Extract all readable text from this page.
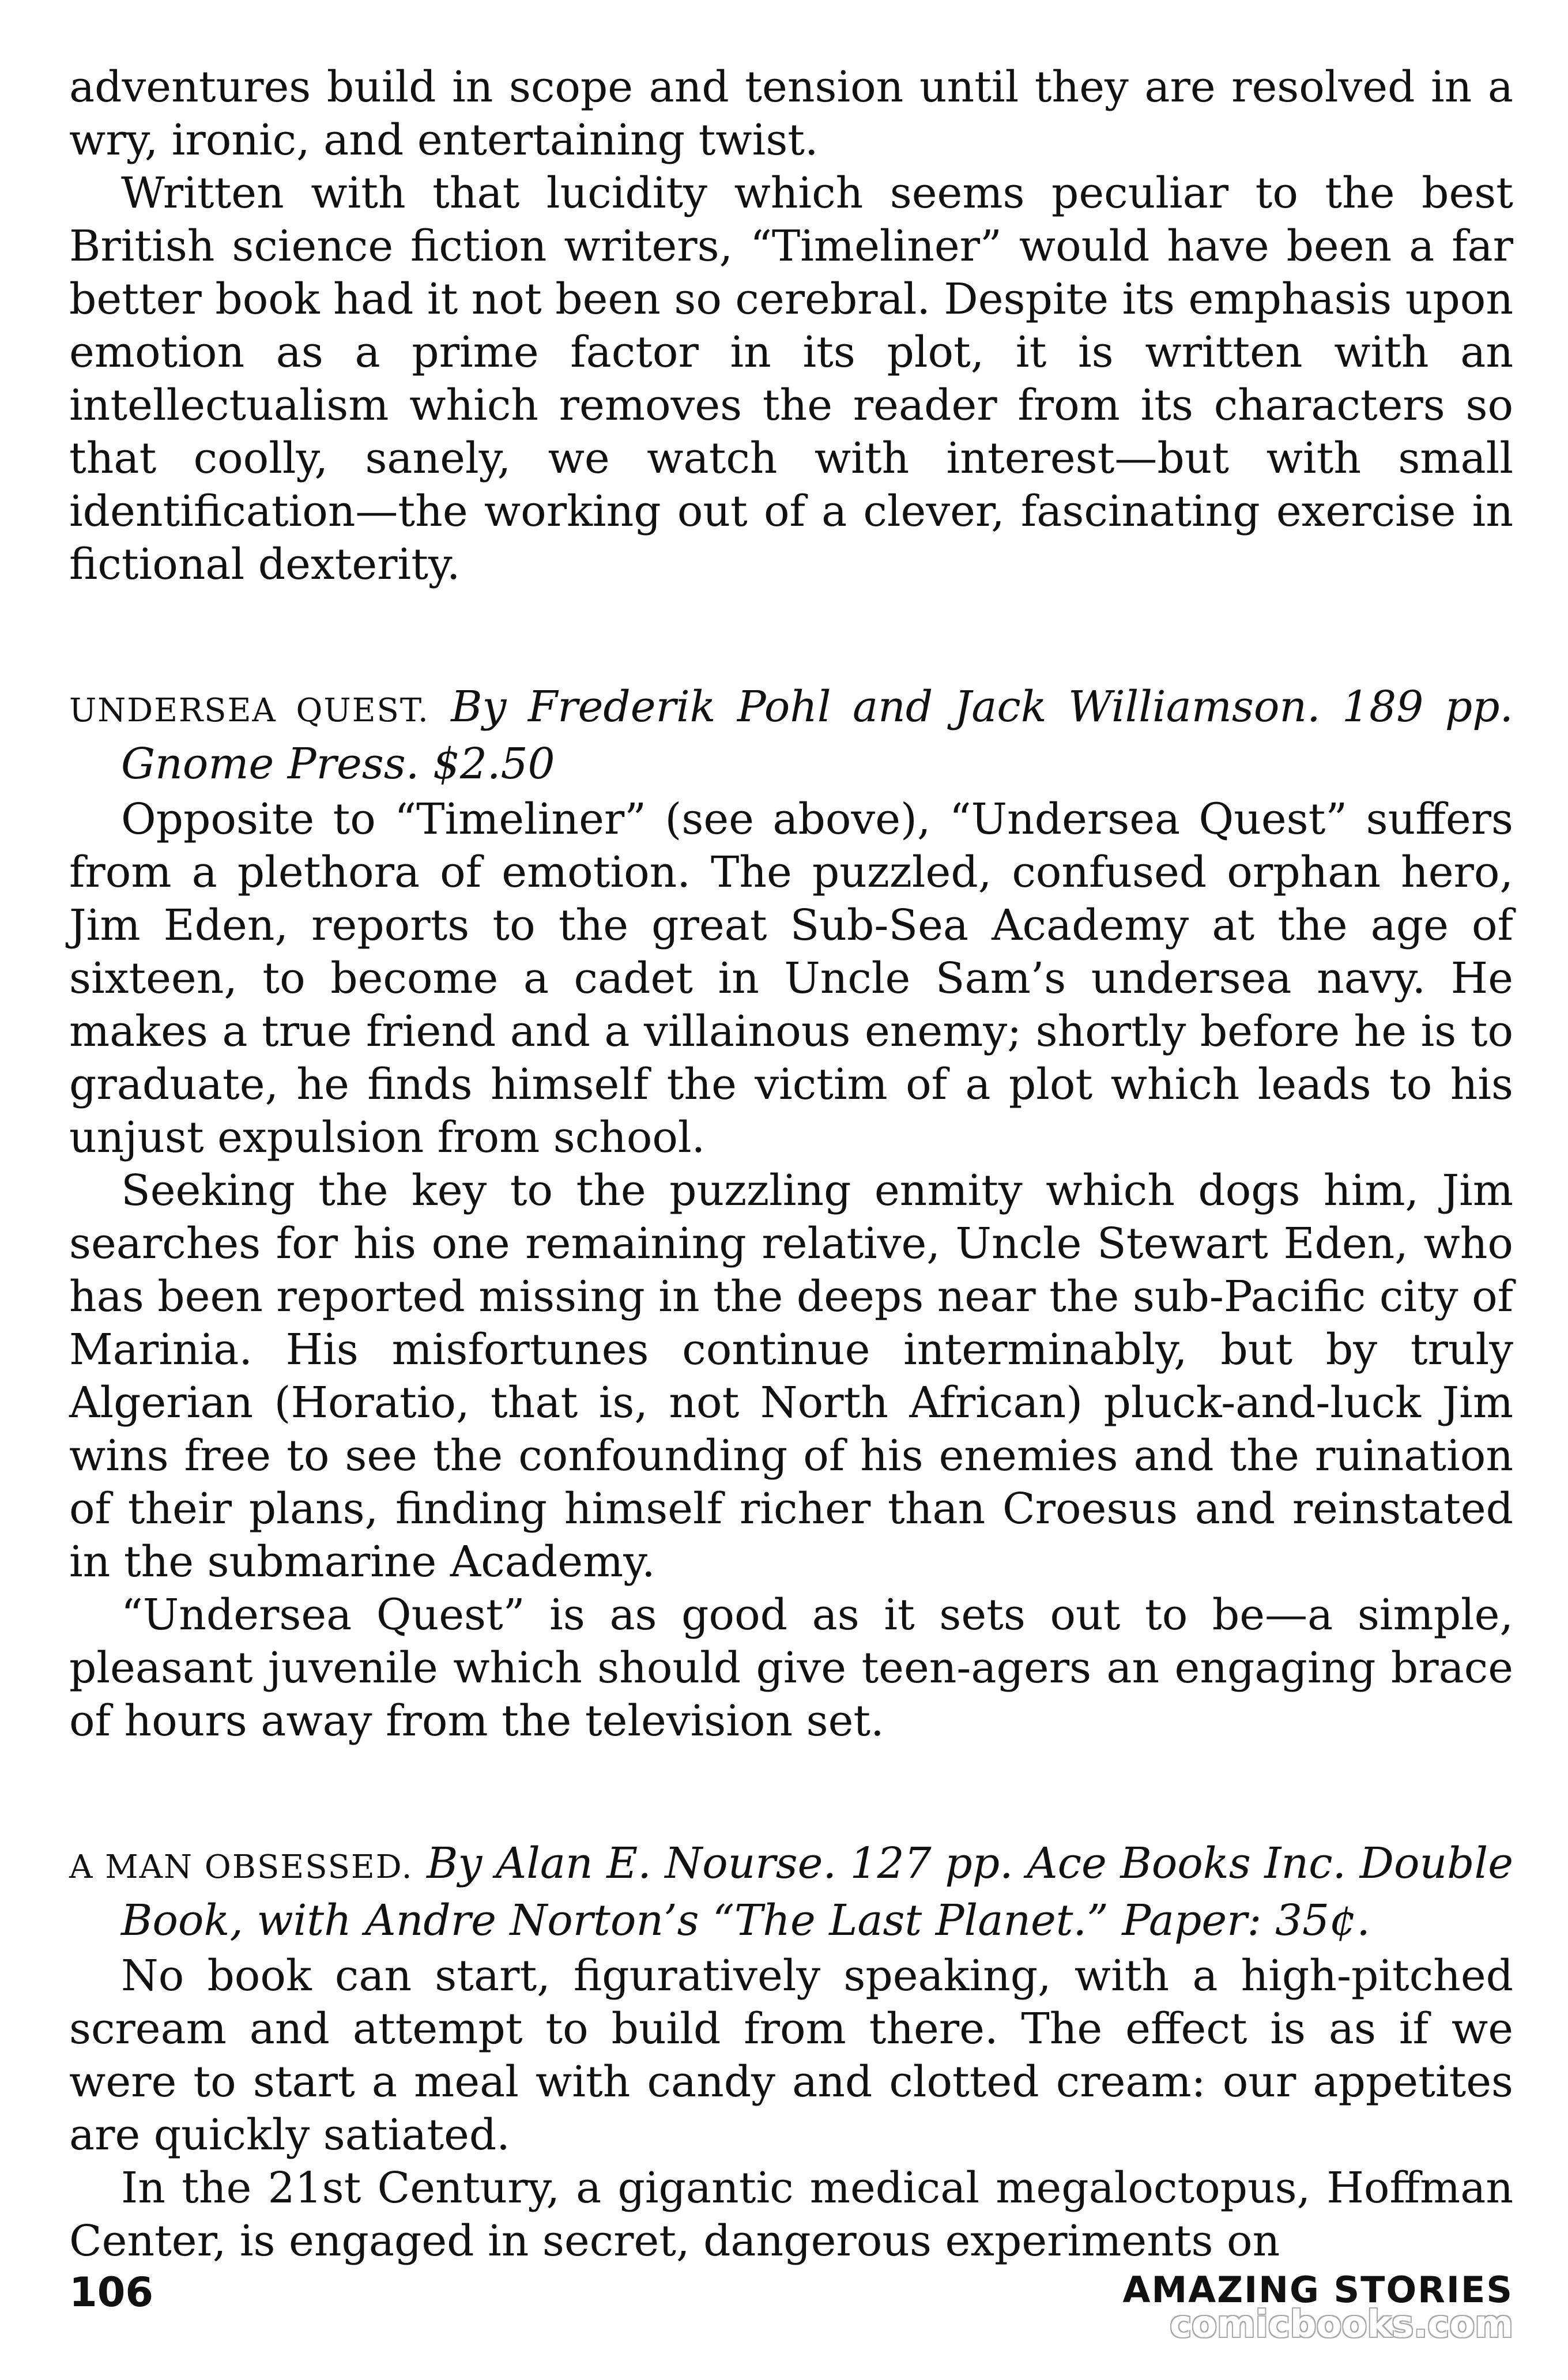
adventures build in scope and tension until they are resolved in a wry, ironic, and entertaining twist.

Written with that lucidity which seems peculiar to the best British science fiction writers, “Timeliner” would have been a far better book had it not been so cerebral. Despite its emphasis upon emotion as a prime factor in its plot, it is written with an intellectualism which removes the reader from its characters so that coolly, sanely, we watch with interest—but with small identification—the working out of a clever, fascinating exercise in fictional dexterity.

UNDERSEA QUEST. By Frederik Pohl and Jack Williamson. 189 pp. Gnome Press. $2.50

Opposite to “Timeliner” (see above), “Undersea Quest” suffers from a plethora of emotion. The puzzled, confused orphan hero, Jim Eden, reports to the great Sub-Sea Academy at the age of sixteen, to become a cadet in Uncle Sam’s undersea navy. He makes a true friend and a villainous enemy; shortly before he is to graduate, he finds himself the victim of a plot which leads to his unjust expulsion from school.

Seeking the key to the puzzling enmity which dogs him, Jim searches for his one remaining relative, Uncle Stewart Eden, who has been reported missing in the deeps near the sub-Pacific city of Marinia. His misfortunes continue interminably, but by truly Algerian (Horatio, that is, not North African) pluck-and-luck Jim wins free to see the confounding of his enemies and the ruination of their plans, finding himself richer than Croesus and reinstated in the submarine Academy.

“Undersea Quest” is as good as it sets out to be—a simple, pleasant juvenile which should give teen-agers an engaging brace of hours away from the television set.

A MAN OBSESSED. By Alan E. Nourse. 127 pp. Ace Books Inc. Double Book, with Andre Norton’s “The Last Planet.” Paper: 35¢.

No book can start, figuratively speaking, with a high-pitched scream and attempt to build from there. The effect is as if we were to start a meal with candy and clotted cream: our appetites are quickly satiated.

In the 21st Century, a gigantic medical megaloctopus, Hoffman Center, is engaged in secret, dangerous experiments on

106	AMAZING STORIES
comicbooks.com
